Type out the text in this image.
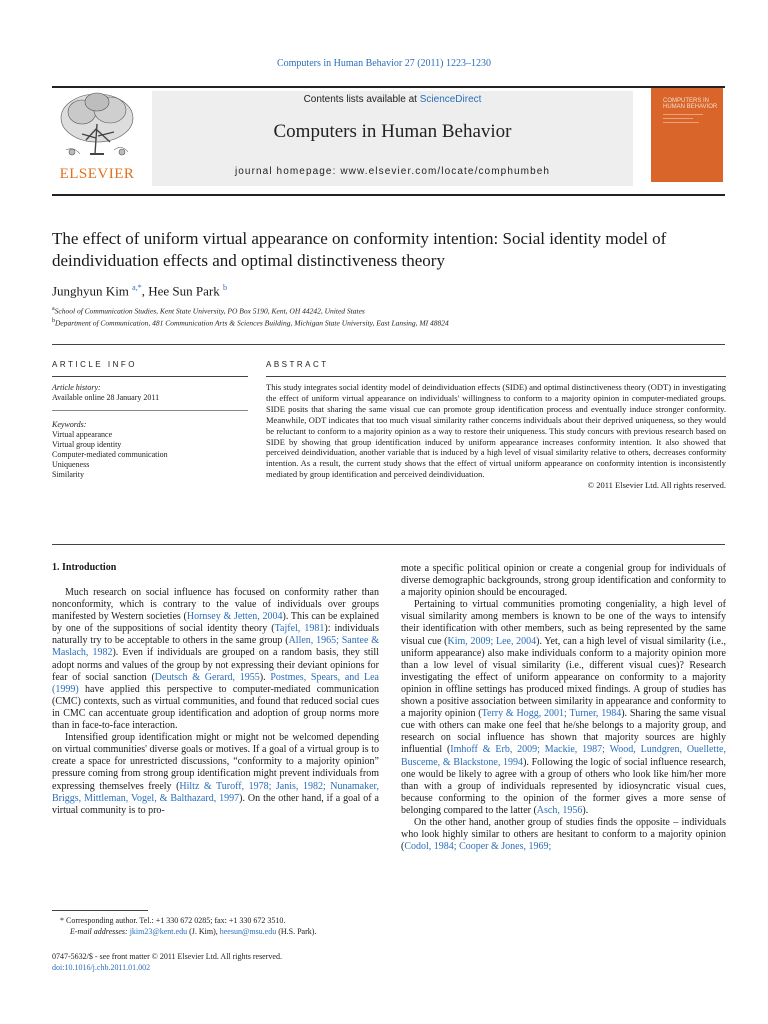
Computers in Human Behavior 27 (2011) 1223–1230
ELSEVIER
Contents lists available at ScienceDirect
Computers in Human Behavior
journal homepage: www.elsevier.com/locate/comphumbeh
COMPUTERS IN HUMAN BEHAVIOR
The effect of uniform virtual appearance on conformity intention: Social identity model of deindividuation effects and optimal distinctiveness theory
Junghyun Kim $^{a,*}$, Hee Sun Park $^b$
$^a$School of Communication Studies, Kent State University, PO Box 5190, Kent, OH 44242, United States
$^b$Department of Communication, 481 Communication Arts & Sciences Building, Michigan State University, East Lansing, MI 48824
ARTICLE INFO
Article history:
Available online 28 January 2011
Keywords:
Virtual appearance
Virtual group identity
Computer-mediated communication
Uniqueness
Similarity
ABSTRACT
This study integrates social identity model of deindividuation effects (SIDE) and optimal distinctiveness theory (ODT) in investigating the effect of uniform virtual appearance on individuals' willingness to conform to a majority opinion in computer-mediated groups. SIDE posits that sharing the same visual cue can promote group identification process and eventually induce stronger conformity. Meanwhile, ODT indicates that too much visual similarity rather concerns individuals about their deprived uniqueness, so they would be reluctant to conform to a majority opinion as a way to restore their uniqueness. This study concurs with previous research based on SIDE by showing that group identification induced by uniform appearance increases conformity intention. It also showed that perceived deindividuation, another variable that is induced by a high level of visual similarity relative to others, decreases conformity intention. As a result, the current study shows that the effect of virtual uniform appearance on conformity intention is inconsistently mediated by group identification and perceived deindividuation.
© 2011 Elsevier Ltd. All rights reserved.
1. Introduction

Much research on social influence has focused on conformity rather than nonconformity, which is contrary to the value of individuals over groups manifested by Western societies (Hornsey & Jetten, 2004). This can be explained by one of the suppositions of social identity theory (Tajfel, 1981): individuals naturally try to be acceptable to others in the same group (Allen, 1965; Santee & Maslach, 1982). Even if individuals are grouped on a random basis, they still adopt norms and values of the group by not expressing their deviant opinions for fear of social sanction (Deutsch & Gerard, 1955). Postmes, Spears, and Lea (1999) have applied this perspective to computer-mediated communication (CMC) contexts, such as virtual communities, and found that reduced social cues in CMC can accentuate group identification and adoption of group norms more than in face-to-face interaction.

Intensified group identification might or might not be welcomed depending on virtual communities' diverse goals or motives. If a goal of a virtual group is to create a space for unrestricted discussions, “conformity to a majority opinion” pressure coming from strong group identification might prevent individuals from expressing themselves freely (Hiltz & Turoff, 1978; Janis, 1982; Nunamaker, Briggs, Mittleman, Vogel, & Balthazard, 1997). On the other hand, if a goal of a virtual community is to pro-

mote a specific political opinion or create a congenial group for individuals of diverse demographic backgrounds, strong group identification and conformity to a majority opinion should be encouraged.

Pertaining to virtual communities promoting congeniality, a high level of visual similarity among members is known to be one of the ways to intensify their identification with other members, such as being represented by the same visual cue (Kim, 2009; Lee, 2004). Yet, can a high level of visual similarity (i.e., uniform appearance) also make individuals conform to a majority opinion more than a low level of visual similarity (i.e., different visual cues)? Research investigating the effect of uniform appearance on conformity to a majority opinion in offline settings has produced mixed findings. A group of studies has shown a positive association between similarity in appearance and conformity to a majority opinion (Terry & Hogg, 2001; Turner, 1984). Sharing the same visual cue with others can make one feel that he/she belongs to a majority group, and research on social influence has shown that majority sources are highly influential (Imhoff & Erb, 2009; Mackie, 1987; Wood, Lundgren, Ouellette, Busceme, & Blackstone, 1994). Following the logic of social influence research, one would be likely to agree with a group of others who look like him/her more than with a group of individuals represented by idiosyncratic visual cues, because conforming to the opinion of the former gives a more sense of belonging compared to the latter (Asch, 1956).

On the other hand, another group of studies finds the opposite – individuals who look highly similar to others are hesitant to conform to a majority opinion (Codol, 1984; Cooper & Jones, 1969;

* Corresponding author. Tel.: +1 330 672 0285; fax: +1 330 672 3510.
E-mail addresses: jkim23@kent.edu (J. Kim), heesun@msu.edu (H.S. Park).
0747-5632/$ - see front matter © 2011 Elsevier Ltd. All rights reserved.
doi:10.1016/j.chb.2011.01.002
